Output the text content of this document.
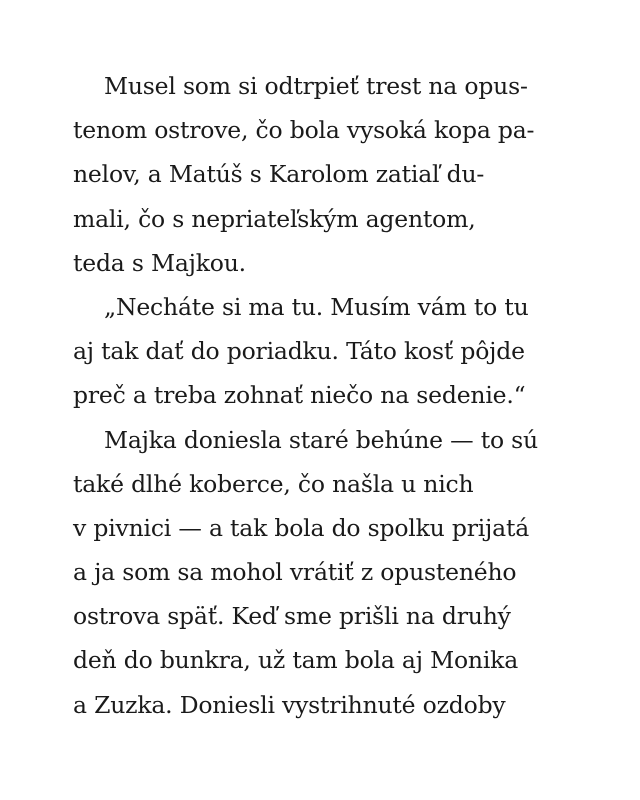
Musel som si odtrpieť trest na opus-
tenom ostrove, čo bola vysoká kopa pa-
nelov, a Matúš s Karolom zatiaľ du-
mali, čo s nepriateľským agentom,
teda s Majkou.
„Necháte si ma tu. Musím vám to tu
aj tak dať do poriadku. Táto kosť pôjde
preč a treba zohnať niečo na sedenie.“
Majka doniesla staré behúne — to sú
také dlhé koberce, čo našla u nich
v pivnici — a tak bola do spolku prijatá
a ja som sa mohol vrátiť z opusteného
ostrova späť. Keď sme prišli na druhý
deň do bunkra, už tam bola aj Monika
a Zuzka. Doniesli vystrihnuté ozdoby
